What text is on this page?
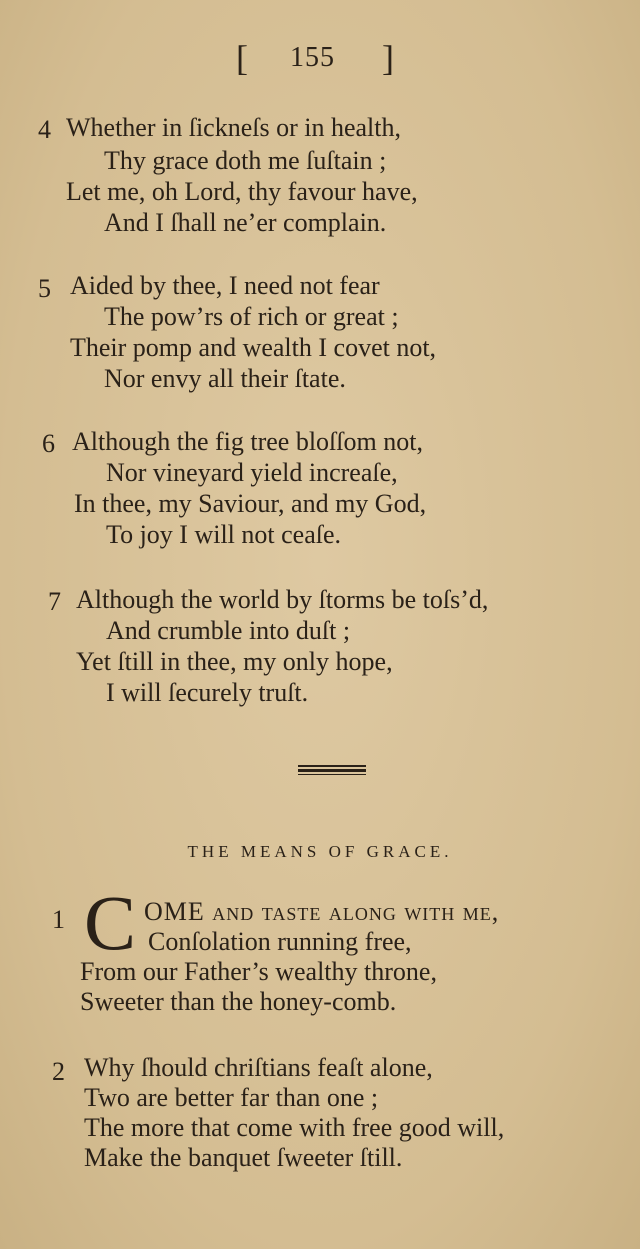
[ 155 ]
4 Whether in ſickneſs or in health,
Thy grace doth me ſuſtain ;
Let me, oh Lord, thy favour have,
And I ſhall ne’er complain.
5 Aided by thee, I need not fear
The pow’rs of rich or great ;
Their pomp and wealth I covet not,
Nor envy all their ſtate.
6 Although the fig tree bloſſom not,
Nor vineyard yield increaſe,
In thee, my Saviour, and my God,
To joy I will not ceaſe.
7 Although the world by ſtorms be toſs’d,
And crumble into duſt ;
Yet ſtill in thee, my only hope,
I will ſecurely truſt.
THE MEANS OF GRACE.
1 C OME and taſte along with me,
Conſolation running free,
From our Father’s wealthy throne,
Sweeter than the honey-comb.
2 Why ſhould chriſtians feaſt alone,
Two are better far than one ;
The more that come with free good will,
Make the banquet ſweeter ſtill.
